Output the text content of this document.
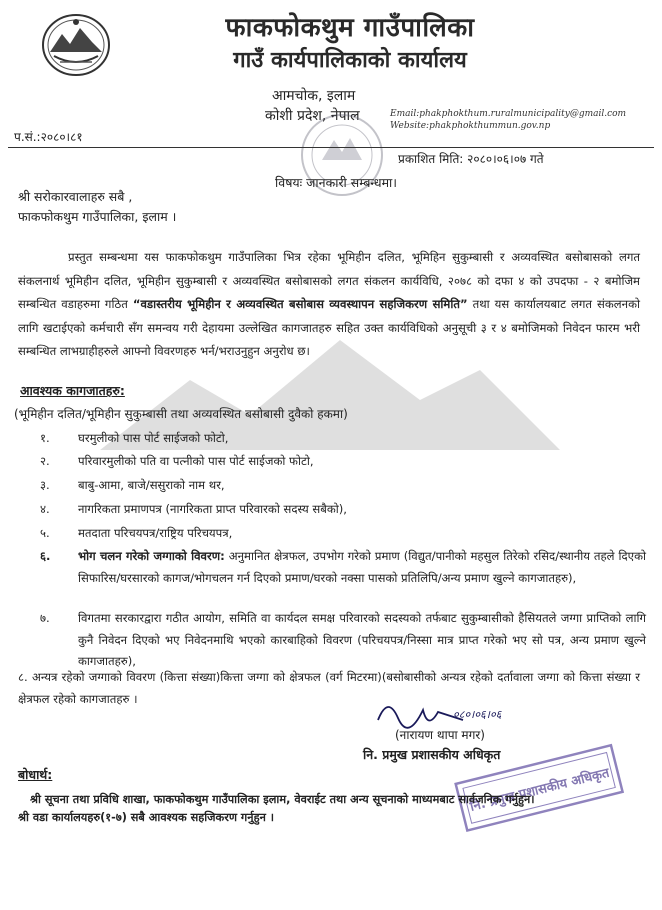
फाकफोकथुम गाउँपालिका
गाउँ कार्यपालिकाको कार्यालय
आमचोक, इलाम
कोशी प्रदेश, नेपाल	Email:phakphokthum.ruralmunicipality@gmail.com
Website:phakphokthummun.gov.np
प.सं.:२०८०।८१
प्रकाशित मिति: २०८०।०६।०७ गते
विषयः जानकारी सम्बन्धमा।
श्री सरोकारवालाहरु सबै ,
फाकफोकथुम गाउँपालिका, इलाम ।
प्रस्तुत सम्बन्धमा यस फाकफोकथुम गाउँपालिका भित्र रहेका भूमिहीन दलित, भूमिहिन सुकुम्बासी र अव्यवस्थित बसोबासको लगत संकलनार्थ भूमिहीन दलित, भूमिहीन सुकुम्बासी र अव्यवस्थित बसोबासको लगत संकलन कार्यविधि, २०७८ को दफा ४ को उपदफा - २ बमोजिम सम्बन्धित वडाहरुमा गठित “वडास्तरीय भूमिहीन र अव्यवस्थित बसोबास व्यवस्थापन सहजिकरण समिति” तथा यस कार्यालयबाट लगत संकलनको लागि खटाईएको कर्मचारी सँग समन्वय गरी देहायमा उल्लेखित कागजातहरु सहित उक्त कार्यविधिको अनुसूची ३ र ४ बमोजिमको निवेदन फारम भरी सम्बन्धित लाभग्राहीहरुले आफ्नो विवरणहरु भर्न/भराउनुहुन अनुरोध छ।
आवश्यक कागजातहरु:
(भूमिहीन दलित/भूमिहीन सुकुम्बासी तथा अव्यवस्थित बसोबासी दुवैको हकमा)
१.	घरमुलीको पास पोर्ट साईजको फोटो,
२.	परिवारमुलीको पति वा पत्नीको पास पोर्ट साईजको फोटो,
३.	बाबु-आमा, बाजे/ससुराको नाम थर,
४.	नागरिकता प्रमाणपत्र (नागरिकता प्राप्त परिवारको सदस्य सबैको),
५.	मतदाता परिचयपत्र/राष्ट्रिय परिचयपत्र,
६.	भोग चलन गरेको जग्गाको विवरण: अनुमानित क्षेत्रफल, उपभोग गरेको प्रमाण (विद्युत/पानीको महसुल तिरेको रसिद/स्थानीय तहले दिएको सिफारिस/घरसारको कागज/भोगचलन गर्न दिएको प्रमाण/घरको नक्सा पासको प्रतिलिपि/अन्य प्रमाण खुल्ने कागजातहरु),
७.	विगतमा सरकारद्वारा गठीत आयोग, समिति वा कार्यदल समक्ष परिवारको सदस्यको तर्फबाट सुकुम्बासीको हैसियतले जग्गा प्राप्तिको लागि कुनै निवेदन दिएको भए निवेदनमाथि भएको कारबाहिको विवरण (परिचयपत्र/निस्सा मात्र प्राप्त गरेको भए सो पत्र, अन्य प्रमाण खुल्ने कागजातहरु),
८. अन्यत्र रहेको जग्गाको विवरण (कित्ता संख्या)कित्ता जग्गा को क्षेत्रफल (वर्ग मिटरमा)(बसोबासीको अन्यत्र रहेको दर्तावाला जग्गा को कित्ता संख्या र क्षेत्रफल रहेको कागजातहरु ।
०८०।०६।०६
(नारायण थापा मगर)
नि. प्रमुख प्रशासकीय अधिकृत
नि. प्रमुख प्रशासकीय अधिकृत
बोधार्थ:
श्री सूचना तथा प्रविधि शाखा, फाकफोकथुम गाउँपालिका इलाम, वेवराईट तथा अन्य सूचनाको माध्यमबाट सार्वजनिक गर्नुहुन।
श्री वडा कार्यालयहरु(१-७) सबै आवश्यक सहजिकरण गर्नुहुन ।
